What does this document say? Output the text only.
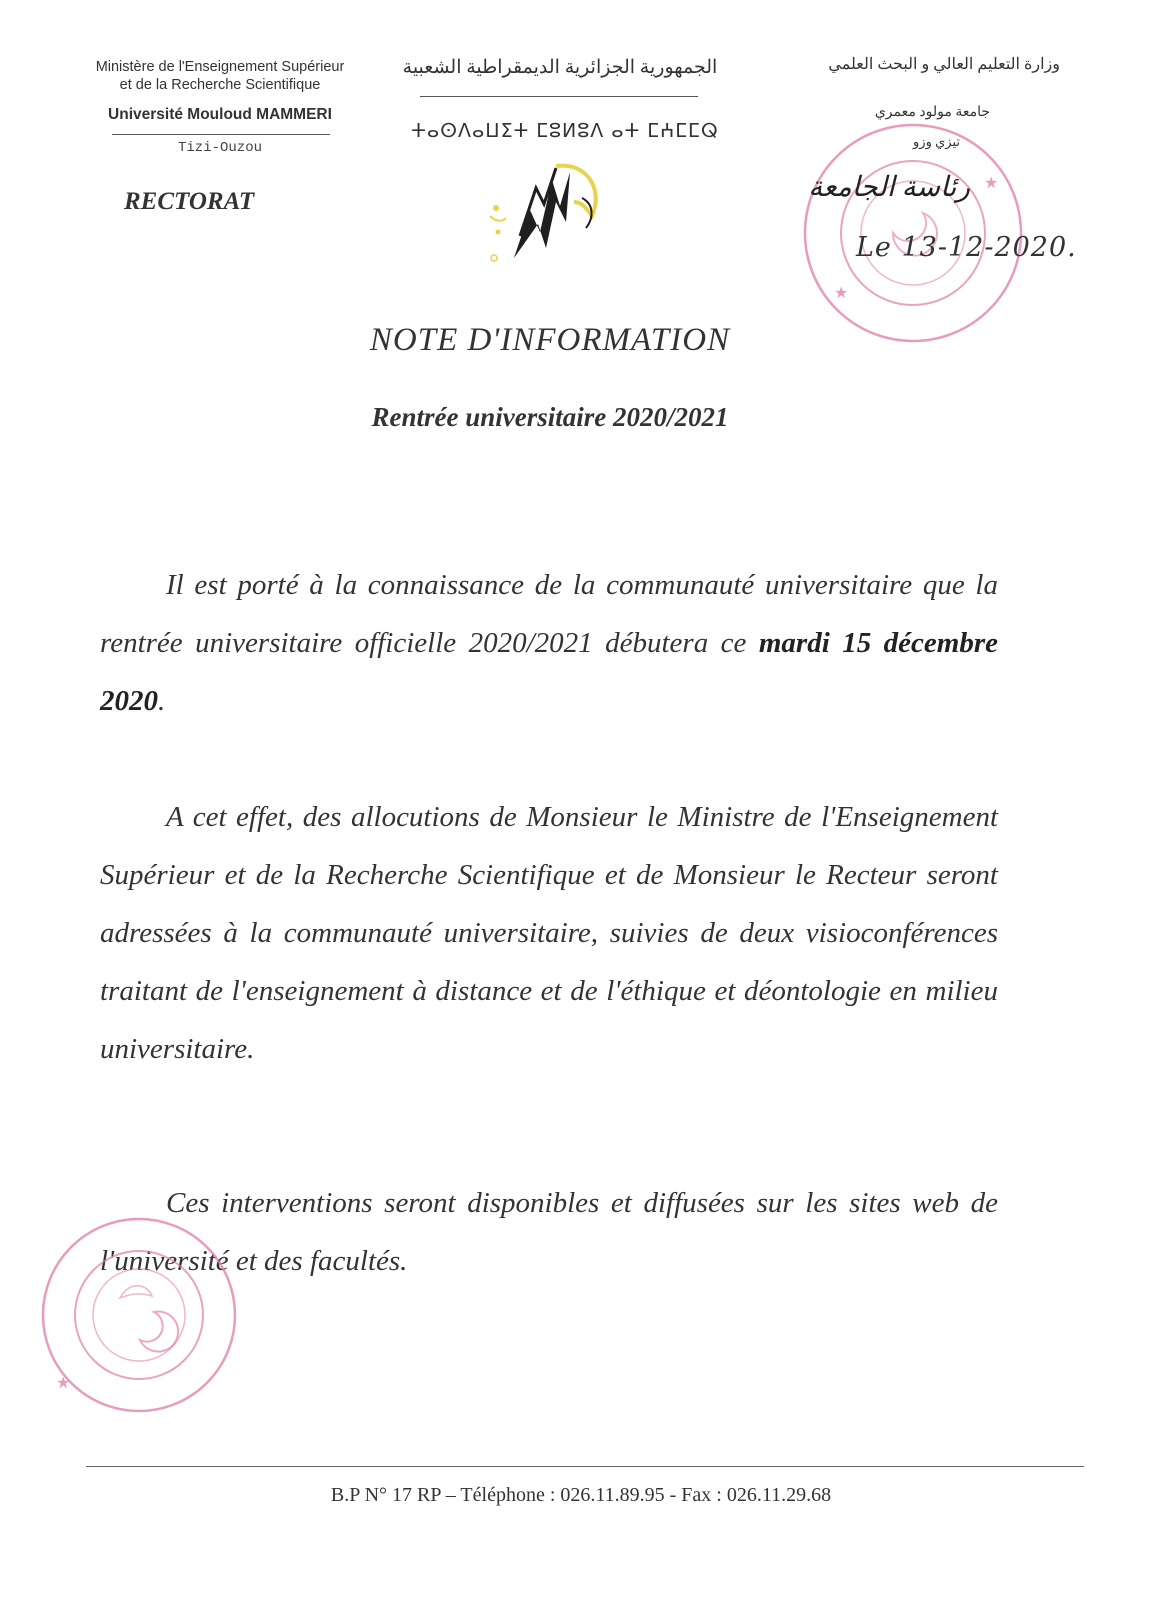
Ministère de l'Enseignement Supérieur
et de la Recherche Scientifique
Université Mouloud MAMMERI
Tizi-Ouzou
RECTORAT
الجمهورية الجزائرية الديمقراطية الشعبية
ⵜⴰⵙⴷⴰⵡⵉⵜ ⵎⵓⵍⵓⴷ ⴰⵜ ⵎⵄⵎⵎⵕ
وزارة التعليم العالي و البحث العلمي
جامعة مولود معمري
تيزي وزو
★
★
رئاسة الجامعة
Le 13-12-2020.
NOTE D'INFORMATION
Rentrée universitaire 2020/2021
Il est porté à la connaissance de la communauté universitaire que la rentrée universitaire officielle 2020/2021 débutera ce mardi 15 décembre 2020.
A cet effet, des allocutions de Monsieur le Ministre de l'Enseignement Supérieur et de la Recherche Scientifique et de Monsieur le Recteur seront adressées à la communauté universitaire, suivies de deux visioconférences traitant de l'enseignement à distance et de l'éthique et déontologie en milieu universitaire.
Ces interventions seront disponibles et diffusées sur les sites web de l'université et des facultés.
★
B.P N° 17 RP – Téléphone : 026.11.89.95 - Fax : 026.11.29.68
